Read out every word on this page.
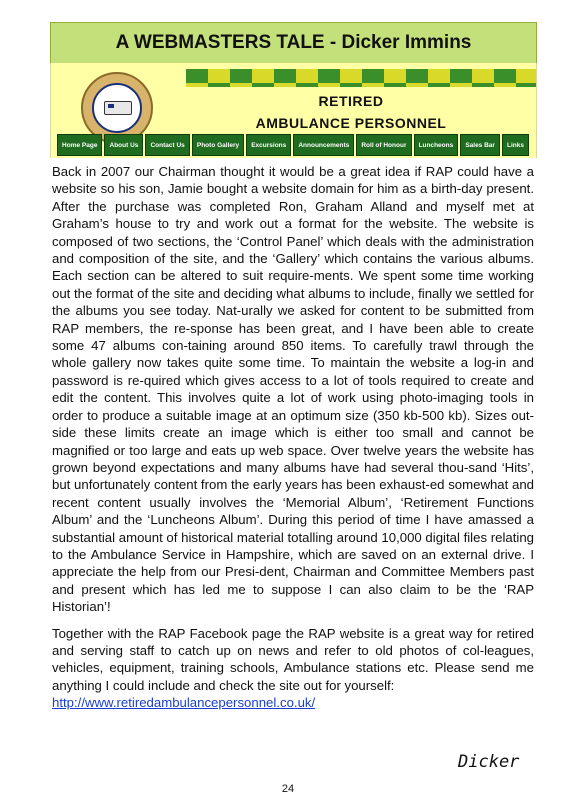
A WEBMASTERS TALE - Dicker Immins
RETIRED
AMBULANCE PERSONNEL
Home Page	About Us	Contact Us	Photo Gallery	Excursions	Announcements	Roll of Honour	Luncheons	Sales Bar	Links

Back in 2007 our Chairman thought it would be a great idea if RAP could have a website so his son, Jamie bought a website domain for him as a birth-day present. After the purchase was completed Ron, Graham Alland and myself met at Graham’s house to try and work out a format for the website. The website is composed of two sections, the ‘Control Panel’ which deals with the administration and composition of the site, and the ‘Gallery’ which contains the various albums. Each section can be altered to suit require-ments. We spent some time working out the format of the site and deciding what albums to include, finally we settled for the albums you see today. Nat-urally we asked for content to be submitted from RAP members, the re-sponse has been great, and I have been able to create some 47 albums con-taining around 850 items. To carefully trawl through the whole gallery now takes quite some time. To maintain the website a log-in and password is re-quired which gives access to a lot of tools required to create and edit the content. This involves quite a lot of work using photo-imaging tools in order to produce a suitable image at an optimum size (350 kb-500 kb). Sizes out-side these limits create an image which is either too small and cannot be magnified or too large and eats up web space. Over twelve years the website has grown beyond expectations and many albums have had several thou-sand ‘Hits’, but unfortunately content from the early years has been exhaust-ed somewhat and recent content usually involves the ‘Memorial Album’, ‘Retirement Functions Album’ and the ‘Luncheons Album’. During this period of time I have amassed a substantial amount of historical material totalling around 10,000 digital files relating to the Ambulance Service in Hampshire, which are saved on an external drive. I appreciate the help from our Presi-dent, Chairman and Committee Members past and present which has led me to suppose I can also claim to be the ‘RAP Historian’!

Together with the RAP Facebook page the RAP website is a great way for retired and serving staff to catch up on news and refer to old photos of col-leagues, vehicles, equipment, training schools, Ambulance stations etc. Please send me anything I could include and check the site out for yourself:
http://www.retiredambulancepersonnel.co.uk/

Dicker
24
